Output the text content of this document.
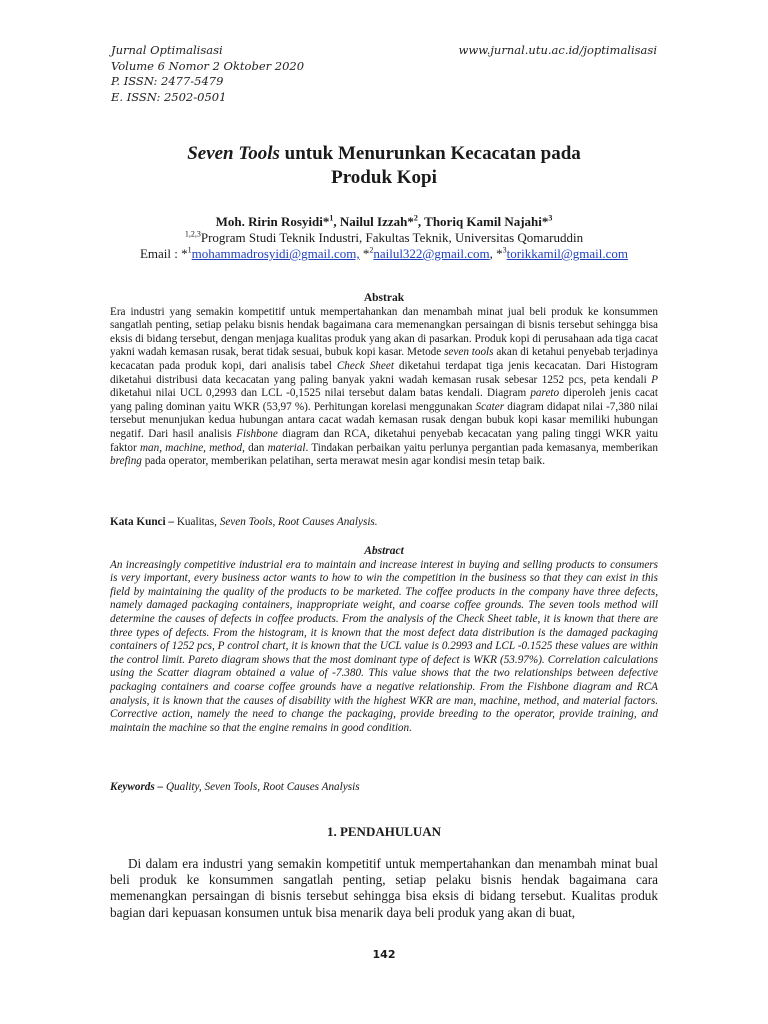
Jurnal Optimalisasi
Volume 6 Nomor 2 Oktober 2020
P. ISSN: 2477-5479
E. ISSN: 2502-0501
www.jurnal.utu.ac.id/joptimalisasi
Seven Tools untuk Menurunkan Kecacatan pada
Produk Kopi
Moh. Ririn Rosyidi*$^1$, Nailul Izzah*$^2$, Thoriq Kamil Najahi*$^3$
$^{1,2,3}$Program Studi Teknik Industri, Fakultas Teknik, Universitas Qomaruddin
Email : *$^1$mohammadrosyidi@gmail.com, *$^2$nailul322@gmail.com, *$^3$torikkamil@gmail.com
Abstrak

Era industri yang semakin kompetitif untuk mempertahankan dan menambah minat jual beli produk ke konsummen sangatlah penting, setiap pelaku bisnis hendak bagaimana cara memenangkan persaingan di bisnis tersebut sehingga bisa eksis di bidang tersebut, dengan menjaga kualitas produk yang akan di pasarkan. Produk kopi di perusahaan ada tiga cacat yakni wadah kemasan rusak, berat tidak sesuai, bubuk kopi kasar. Metode seven tools akan di ketahui penyebab terjadinya kecacatan pada produk kopi, dari analisis tabel Check Sheet diketahui terdapat tiga jenis kecacatan. Dari Histogram diketahui distribusi data kecacatan yang paling banyak yakni wadah kemasan rusak sebesar 1252 pcs, peta kendali P diketahui nilai UCL 0,2993 dan LCL -0,1525 nilai tersebut dalam batas kendali. Diagram pareto diperoleh jenis cacat yang paling dominan yaitu WKR (53,97 %). Perhitungan korelasi menggunakan Scater diagram didapat nilai -7,380 nilai tersebut menunjukan kedua hubungan antara cacat wadah kemasan rusak dengan bubuk kopi kasar memiliki hubungan negatif. Dari hasil analisis Fishbone diagram dan RCA, diketahui penyebab kecacatan yang paling tinggi WKR yaitu faktor man, machine, method, dan material. Tindakan perbaikan yaitu perlunya pergantian pada kemasanya, memberikan brefing pada operator, memberikan pelatihan, serta merawat mesin agar kondisi mesin tetap baik.

Kata Kunci – Kualitas, Seven Tools, Root Causes Analysis.
Abstract

An increasingly competitive industrial era to maintain and increase interest in buying and selling products to consumers is very important, every business actor wants to how to win the competition in the business so that they can exist in this field by maintaining the quality of the products to be marketed. The coffee products in the company have three defects, namely damaged packaging containers, inappropriate weight, and coarse coffee grounds. The seven tools method will determine the causes of defects in coffee products. From the analysis of the Check Sheet table, it is known that there are three types of defects. From the histogram, it is known that the most defect data distribution is the damaged packaging containers of 1252 pcs, P control chart, it is known that the UCL value is 0.2993 and LCL -0.1525 these values are within the control limit. Pareto diagram shows that the most dominant type of defect is WKR (53.97%). Correlation calculations using the Scatter diagram obtained a value of -7.380. This value shows that the two relationships between defective packaging containers and coarse coffee grounds have a negative relationship. From the Fishbone diagram and RCA analysis, it is known that the causes of disability with the highest WKR are man, machine, method, and material factors. Corrective action, namely the need to change the packaging, provide breeding to the operator, provide training, and maintain the machine so that the engine remains in good condition.

Keywords – Quality, Seven Tools, Root Causes Analysis
1. PENDAHULUAN

Di dalam era industri yang semakin kompetitif untuk mempertahankan dan menambah minat bual beli produk ke konsummen sangatlah penting, setiap pelaku bisnis hendak bagaimana cara memenangkan persaingan di bisnis tersebut sehingga bisa eksis di bidang tersebut. Kualitas produk bagian dari kepuasan konsumen untuk bisa menarik daya beli produk yang akan di buat,

142
